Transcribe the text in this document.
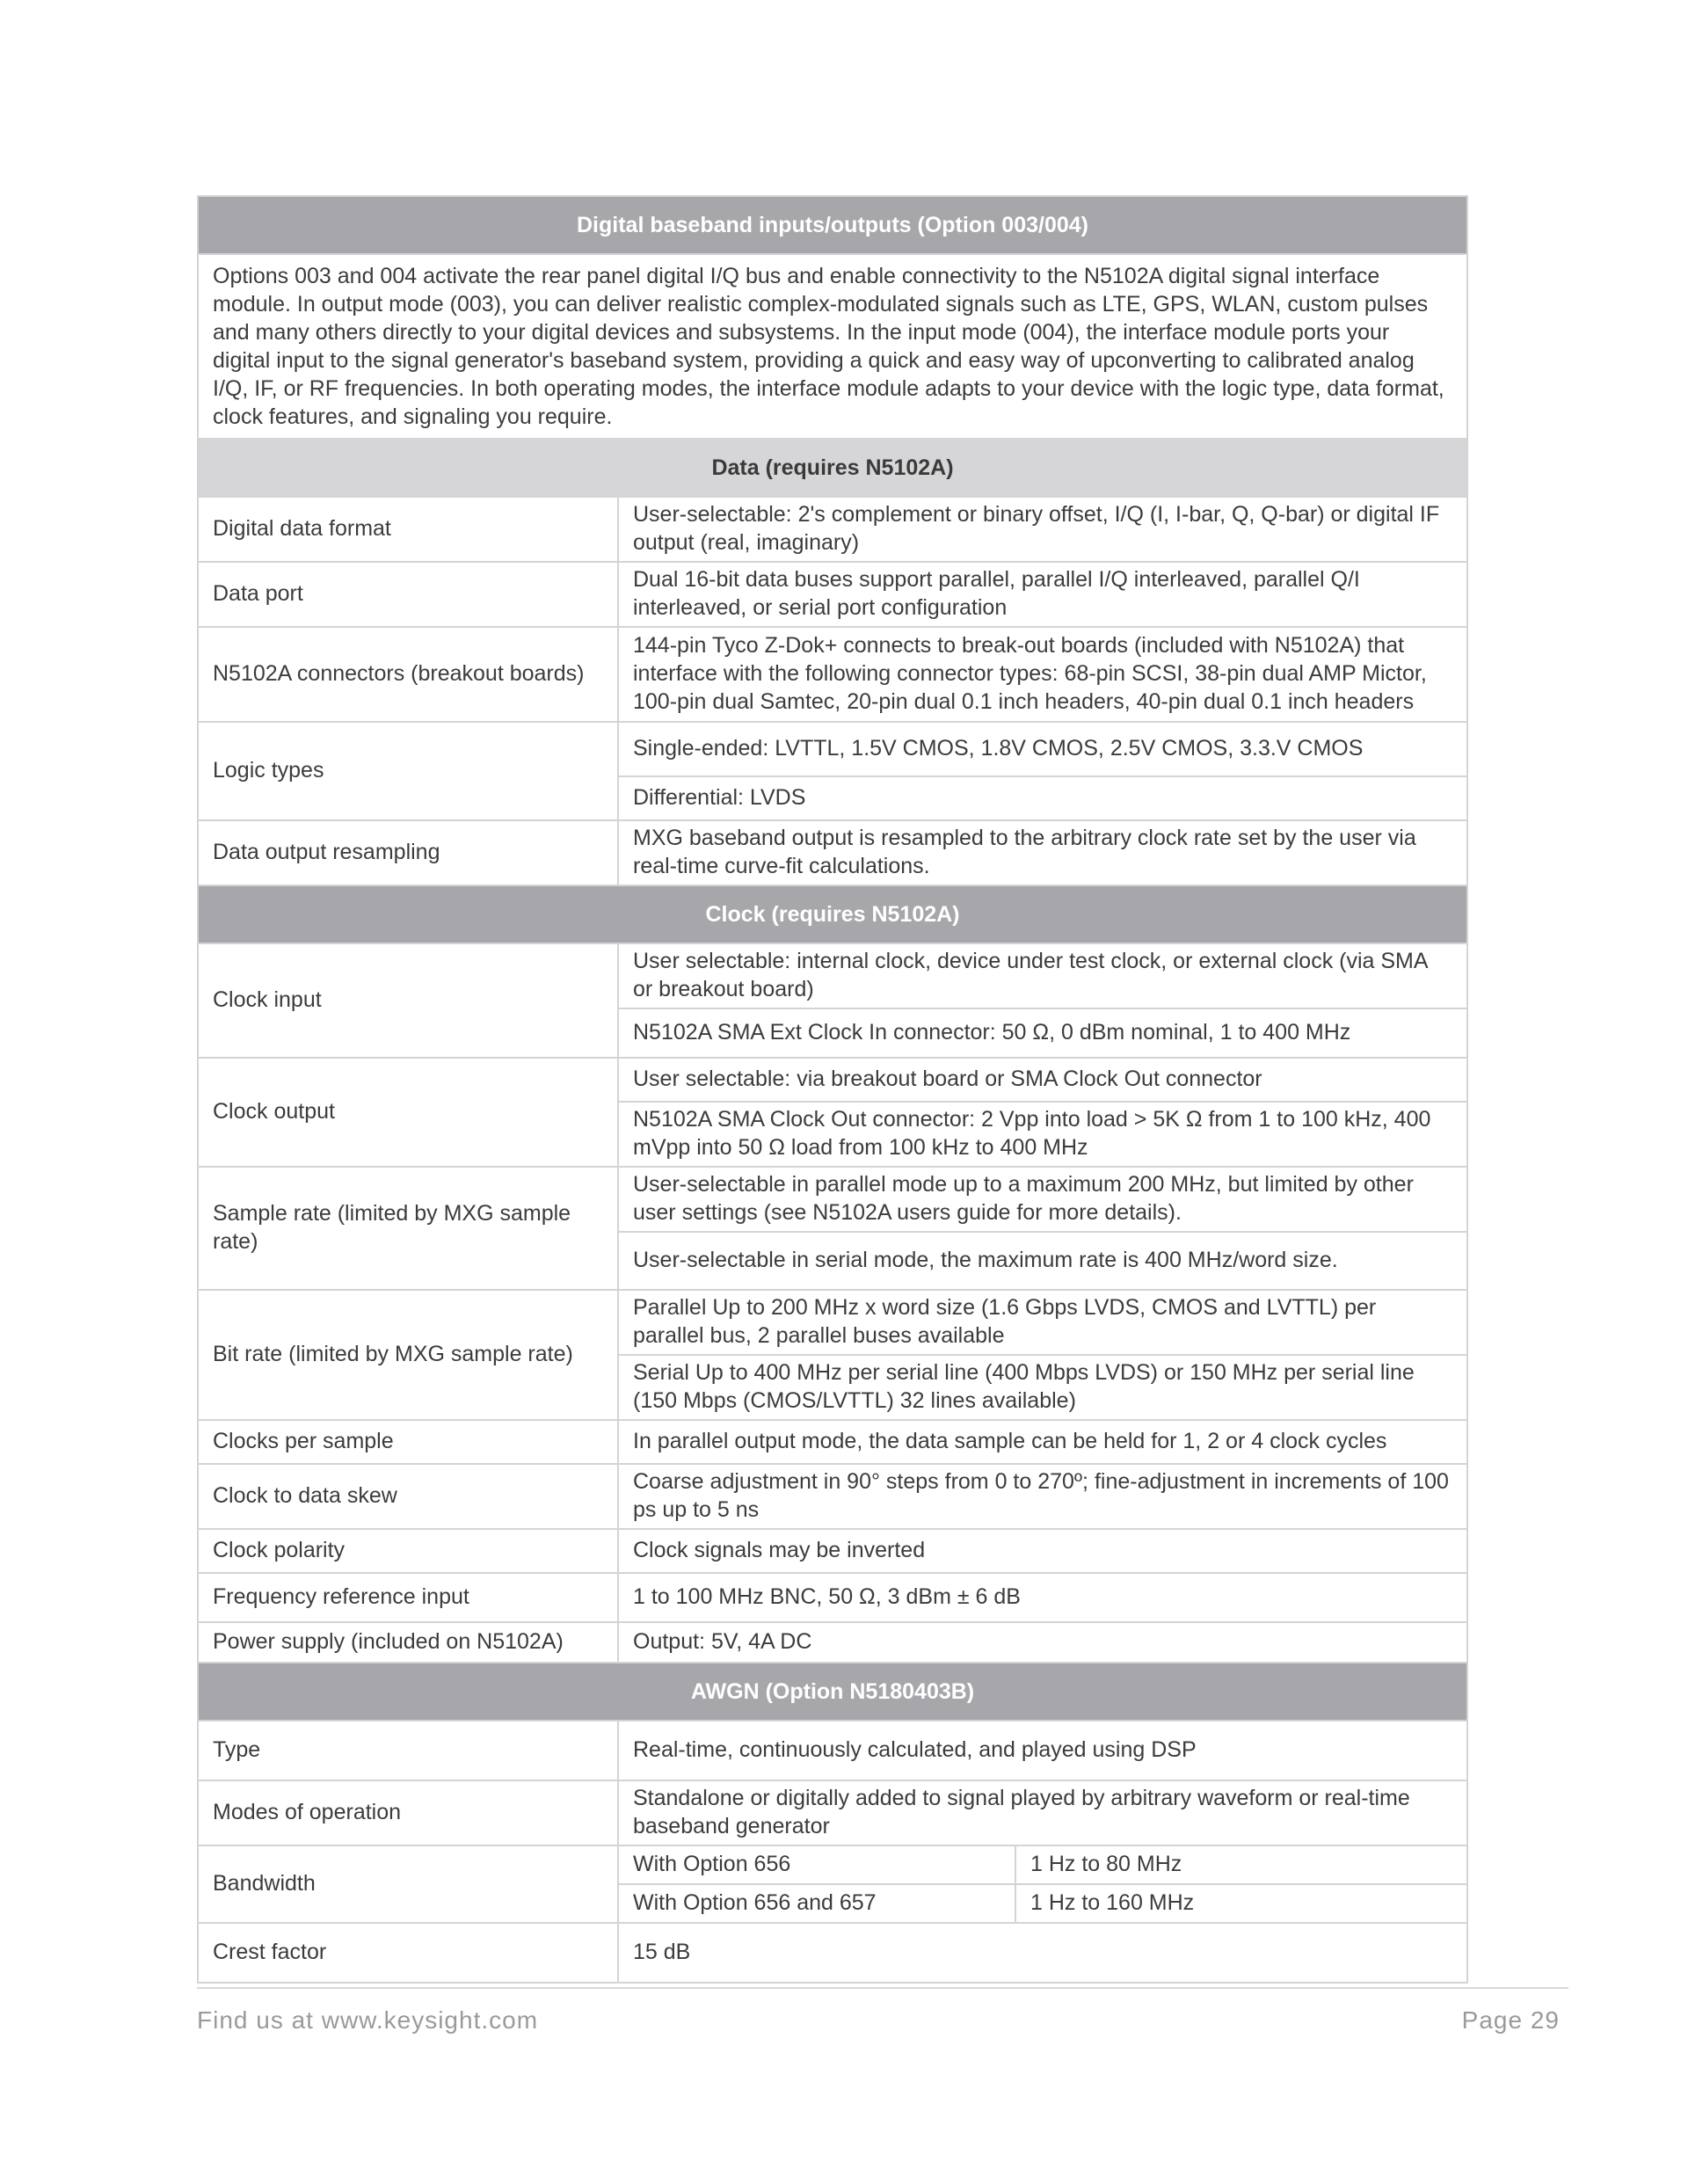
Digital baseband inputs/outputs (Option 003/004)		
Options 003 and 004 activate the rear panel digital I/Q bus and enable connectivity to the N5102A digital signal interface module. In output mode (003), you can deliver realistic complex-modulated signals such as LTE, GPS, WLAN, custom pulses and many others directly to your digital devices and subsystems. In the input mode (004), the interface module ports your digital input to the signal generator's baseband system, providing a quick and easy way of upconverting to calibrated analog I/Q, IF, or RF frequencies. In both operating modes, the interface module adapts to your device with the logic type, data format, clock features, and signaling you require.		
Data (requires N5102A)		
Digital data format	User-selectable: 2's complement or binary offset, I/Q (I, I-bar, Q, Q-bar) or digital IF output (real, imaginary)	
Data port	Dual 16-bit data buses support parallel, parallel I/Q interleaved, parallel Q/I interleaved, or serial port configuration	
N5102A connectors (breakout boards)	144-pin Tyco Z-Dok+ connects to break-out boards (included with N5102A) that interface with the following connector types: 68-pin SCSI, 38-pin dual AMP Mictor, 100-pin dual Samtec, 20-pin dual 0.1 inch headers, 40-pin dual 0.1 inch headers	
Logic types	Single-ended: LVTTL, 1.5V CMOS, 1.8V CMOS, 2.5V CMOS, 3.3.V CMOS	
	Differential: LVDS	
Data output resampling	MXG baseband output is resampled to the arbitrary clock rate set by the user via real-time curve-fit calculations.	
Clock (requires N5102A)		
Clock input	User selectable: internal clock, device under test clock, or external clock (via SMA or breakout board)	
	N5102A SMA Ext Clock In connector: 50 Ω, 0 dBm nominal, 1 to 400 MHz	
Clock output	User selectable: via breakout board or SMA Clock Out connector	
	N5102A SMA Clock Out connector: 2 Vpp into load > 5K Ω from 1 to 100 kHz, 400 mVpp into 50 Ω load from 100 kHz to 400 MHz	
Sample rate (limited by MXG sample rate)	User-selectable in parallel mode up to a maximum 200 MHz, but limited by other user settings (see N5102A users guide for more details).	
	User-selectable in serial mode, the maximum rate is 400 MHz/word size.	
Bit rate (limited by MXG sample rate)	Parallel Up to 200 MHz x word size (1.6 Gbps LVDS, CMOS and LVTTL) per parallel bus, 2 parallel buses available	
	Serial Up to 400 MHz per serial line (400 Mbps LVDS) or 150 MHz per serial line (150 Mbps (CMOS/LVTTL) 32 lines available)	
Clocks per sample	In parallel output mode, the data sample can be held for 1, 2 or 4 clock cycles	
Clock to data skew	Coarse adjustment in 90° steps from 0 to 270º; fine-adjustment in increments of 100 ps up to 5 ns	
Clock polarity	Clock signals may be inverted	
Frequency reference input	1 to 100 MHz BNC, 50 Ω, 3 dBm ± 6 dB	
Power supply (included on N5102A)	Output: 5V, 4A DC	
AWGN (Option N5180403B)		
Type	Real-time, continuously calculated, and played using DSP	
Modes of operation	Standalone or digitally added to signal played by arbitrary waveform or real-time baseband generator	
Bandwidth	With Option 656	1 Hz to 80 MHz
	With Option 656 and 657	1 Hz to 160 MHz
Crest factor	15 dB	
Find us at www.keysight.com	Page 29
